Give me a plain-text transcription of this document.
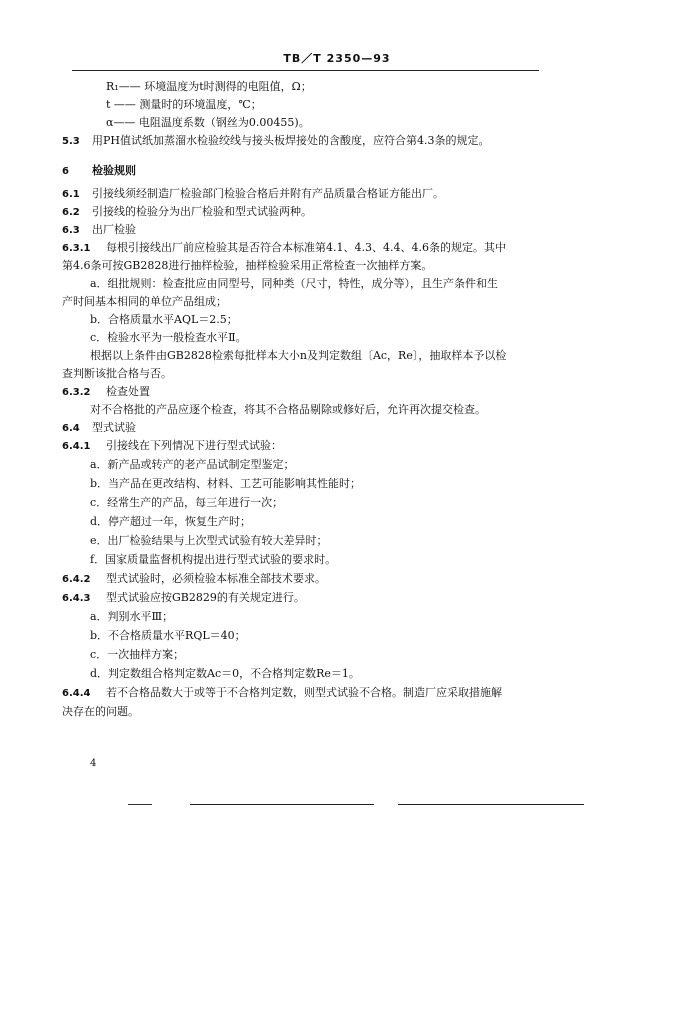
TB／T 2350—93
R₁—— 环境温度为t时测得的电阻值，Ω；
t —— 测量时的环境温度，℃；
α—— 电阻温度系数（钢丝为0.00455)。
5.3 用PH值试纸加蒸溜水检验绞线与接头板焊接处的含酸度，应符合第4.3条的规定。
6 检验规则
6.1 引接线须经制造厂检验部门检验合格后并附有产品质量合格证方能出厂。
6.2 引接线的检验分为出厂检验和型式试验两种。
6.3 出厂检验
6.3.1 每根引接线出厂前应检验其是否符合本标准第4.1、4.3、4.4、4.6条的规定。其中
第4.6条可按GB2828进行抽样检验，抽样检验采用正常检查一次抽样方案。
a．组批规则：检查批应由同型号，同种类（尺寸，特性，成分等），且生产条件和生
产时间基本相同的单位产品组成；
b．合格质量水平AQL＝2.5；
c．检验水平为一般检查水平Ⅱ。
根据以上条件由GB2828检索每批样本大小n及判定数组〔Ac，Re〕，抽取样本予以检
查判断该批合格与否。
6.3.2 检查处置
对不合格批的产品应逐个检查，将其不合格品剔除或修好后，允许再次提交检查。
6.4 型式试验
6.4.1 引接线在下列情况下进行型式试验：
a．新产品或转产的老产品试制定型鉴定；
b．当产品在更改结构、材料、工艺可能影响其性能时；
c．经常生产的产品，每三年进行一次；
d．停产超过一年，恢复生产时；
e．出厂检验结果与上次型式试验有较大差异时；
f．国家质量监督机构提出进行型式试验的要求时。
6.4.2 型式试验时，必须检验本标准全部技术要求。
6.4.3 型式试验应按GB2829的有关规定进行。
a．判别水平Ⅲ；
b．不合格质量水平RQL＝40；
c．一次抽样方案；
d．判定数组合格判定数Ac＝0，不合格判定数Re＝1。
6.4.4 若不合格品数大于或等于不合格判定数，则型式试验不合格。制造厂应采取措施解
决存在的问题。
4
